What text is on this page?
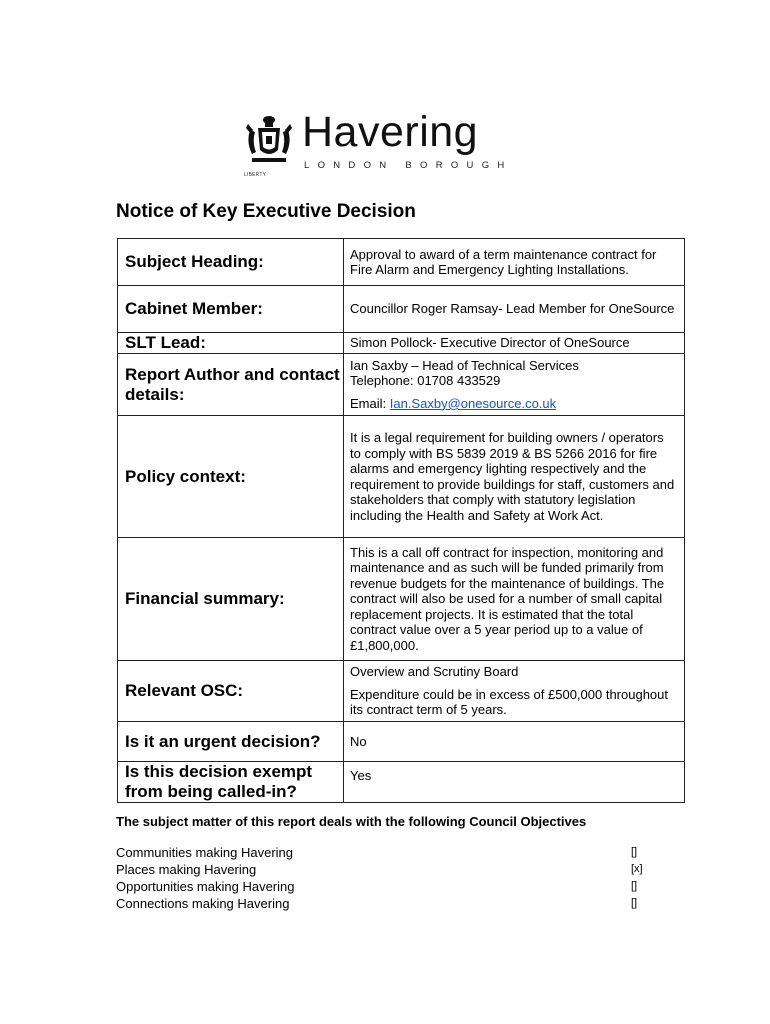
Havering
LONDON BOROUGH
LIBERTY
Notice of Key Executive Decision
Subject Heading:	Approval to award of a term maintenance contract for Fire Alarm and Emergency Lighting Installations.
Cabinet Member:	Councillor Roger Ramsay- Lead Member for OneSource
SLT Lead:	Simon Pollock- Executive Director of OneSource
Report Author and contact details:	Ian Saxby – Head of Technical Services

Telephone: 01708 433529

Email: Ian.Saxby@onesource.co.uk

Policy context:	It is a legal requirement for building owners / operators to comply with BS 5839 2019 & BS 5266 2016 for fire alarms and emergency lighting respectively and the requirement to provide buildings for staff, customers and stakeholders that comply with statutory legislation including the Health and Safety at Work Act.
Financial summary:	This is a call off contract for inspection, monitoring and maintenance and as such will be funded primarily from revenue budgets for the maintenance of buildings. The contract will also be used for a number of small capital replacement projects. It is estimated that the total contract value over a 5 year period up to a value of £1,800,000.
Relevant OSC:	Overview and Scrutiny Board

Expenditure could be in excess of £500,000 throughout its contract term of 5 years.

Is it an urgent decision?	No
Is this decision exempt from being called-in?	Yes
The subject matter of this report deals with the following Council Objectives
Communities making Havering	[]
Places making Havering	[x]
Opportunities making Havering	[]
Connections making Havering	[]
